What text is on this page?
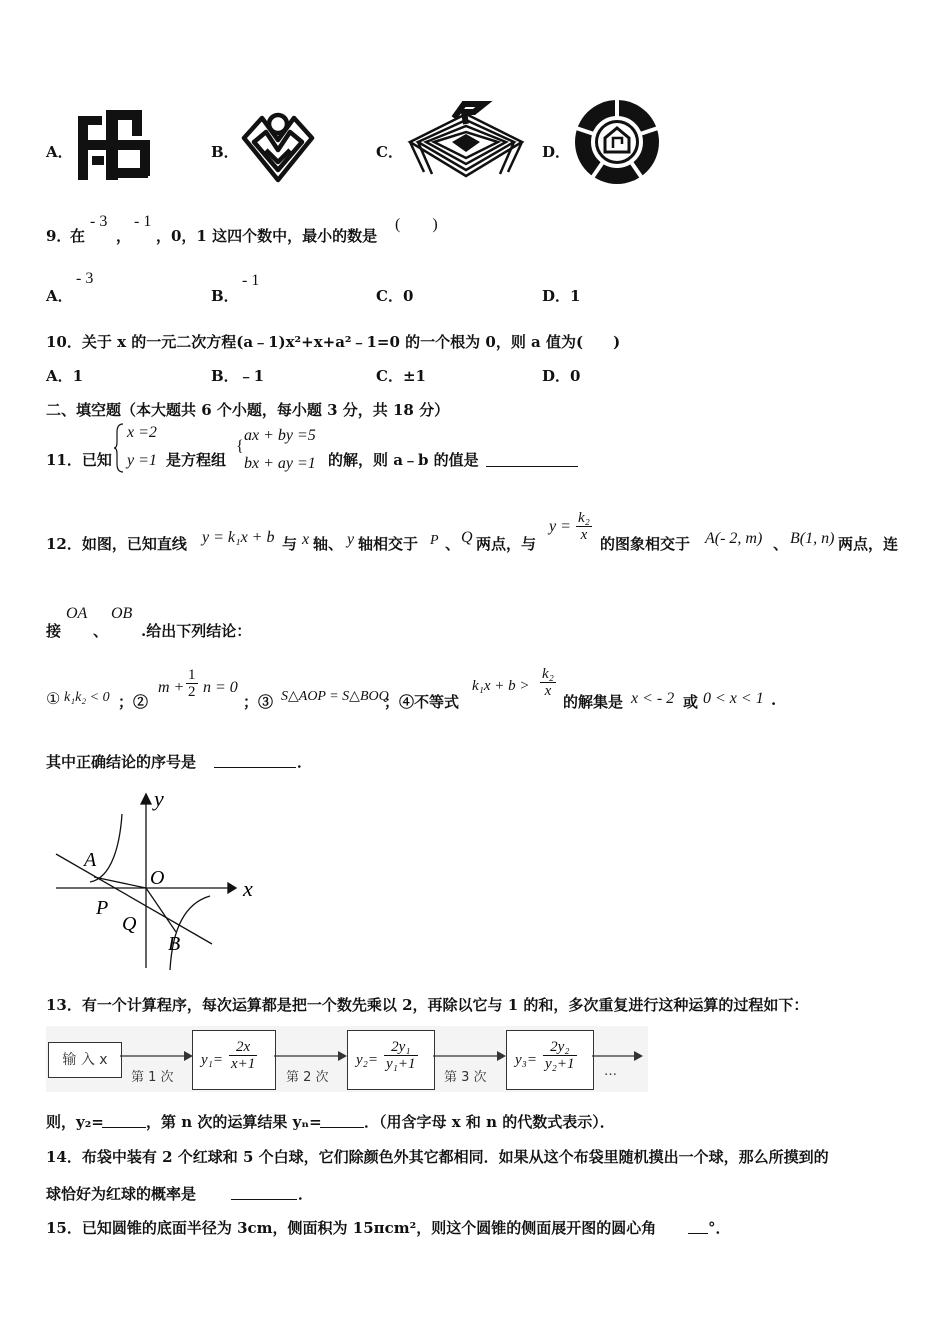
A．	B．	C．	D．
9．
在
- 3
，
- 1
，0，1 这四个数中，最小的数是
(　　)
A．
- 3
B．
- 1
C．0	D．1
10．关于 x 的一元二次方程(a﹣1)x²+x+a²﹣1=0 的一个根为 0，则 a 值为(　　)
A．1	B．﹣1	C．±1	D．0
二、填空题（本大题共 6 个小题，每小题 3 分，共 18 分）
11．已知
x =2
y =1 是方程组
{
ax + by =5
bx + ay =1 的解，则 a﹣b 的值是
12．如图，已知直线 y = k₁x + b 与 x 轴、 y 轴相交于 P 、 Q 两点，与
$y = \frac{\text{k₂}}{x}$
的图象相交于 A(- 2, m) 、 B(1, n) 两点，连
接
OA
、
OB
.给出下列结论：
① k₁k₂ < 0 ；②
$m + \frac{1}{2}$ n = 0
；③ S△AOP = S△BOQ
；④不等式
$k_1x + b > \frac{\text{k₂}}{x}$
的解集是 x < - 2 或 0 < x < 1 .
其中正确结论的序号是	．
y
x
A
O
P
Q
B
13．有一个计算程序，每次运算都是把一个数先乘以 2，再除以它与 1 的和，多次重复进行这种运算的过程如下：
输 入 x
第 1 次
$y_1= \frac{2x}{x+1}$
第 2 次
$y_2= \frac{\text{2y₁}}{\text{y₁+1}}$
第 3 次
$y_3= \frac{\text{2y₂}}{\text{y₂+1}}$ …
则，y₂=	，第 n 次的运算结果 yₙ=	．（用含字母 x 和 n 的代数式表示）．
14．布袋中装有 2 个红球和 5 个白球，它们除颜色外其它都相同．如果从这个布袋里随机摸出一个球，那么所摸到的
球恰好为红球的概率是	．
15．已知圆锥的底面半径为 3cm，侧面积为 15πcm²，则这个圆锥的侧面展开图的圆心角	°．
